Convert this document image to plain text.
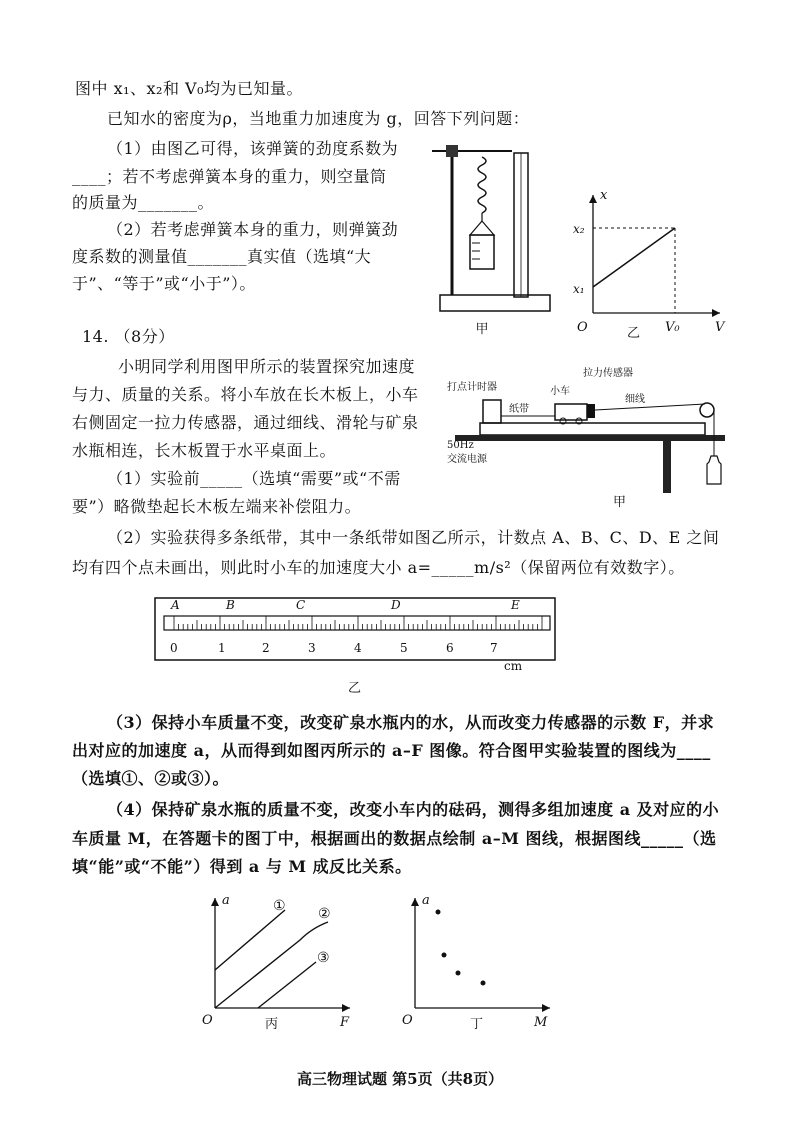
图中 x₁、x₂和 V₀均为已知量。
已知水的密度为ρ，当地重力加速度为 g，回答下列问题：
（1）由图乙可得，该弹簧的劲度系数为
____；若不考虑弹簧本身的重力，则空量筒
的质量为_______。
（2）若考虑弹簧本身的重力，则弹簧劲
度系数的测量值_______真实值（选填“大
于”、“等于”或“小于”）。
14. （8分）
小明同学利用图甲所示的装置探究加速度
与力、质量的关系。将小车放在长木板上，小车
右侧固定一拉力传感器，通过细线、滑轮与矿泉
水瓶相连，长木板置于水平桌面上。
（1）实验前_____（选填“需要”或“不需
要”）略微垫起长木板左端来补偿阻力。
（2）实验获得多条纸带，其中一条纸带如图乙所示，计数点 A、B、C、D、E 之间
均有四个点未画出，则此时小车的加速度大小 a=_____m/s²（保留两位有效数字）。
（3）保持小车质量不变，改变矿泉水瓶内的水，从而改变力传感器的示数 F，并求
出对应的加速度 a，从而得到如图丙所示的 a–F 图像。符合图甲实验装置的图线为____
（选填①、②或③）。
（4）保持矿泉水瓶的质量不变，改变小车内的砝码，测得多组加速度 a 及对应的小
车质量 M，在答题卡的图丁中，根据画出的数据点绘制 a–M 图线，根据图线_____（选
填“能”或“不能”）得到 a 与 M 成反比关系。
甲
x
V
O
x₂
x₁
V₀
乙
打点计时器	小车
拉力传感器
纸带
细线
50Hz
交流电源
甲
A	B	C	D	E
0	1	2	3	4	5	6	7
cm
乙
a
F
O
① ②
③
丙
a
M
O	丁
高三物理试题 第5页（共8页）
